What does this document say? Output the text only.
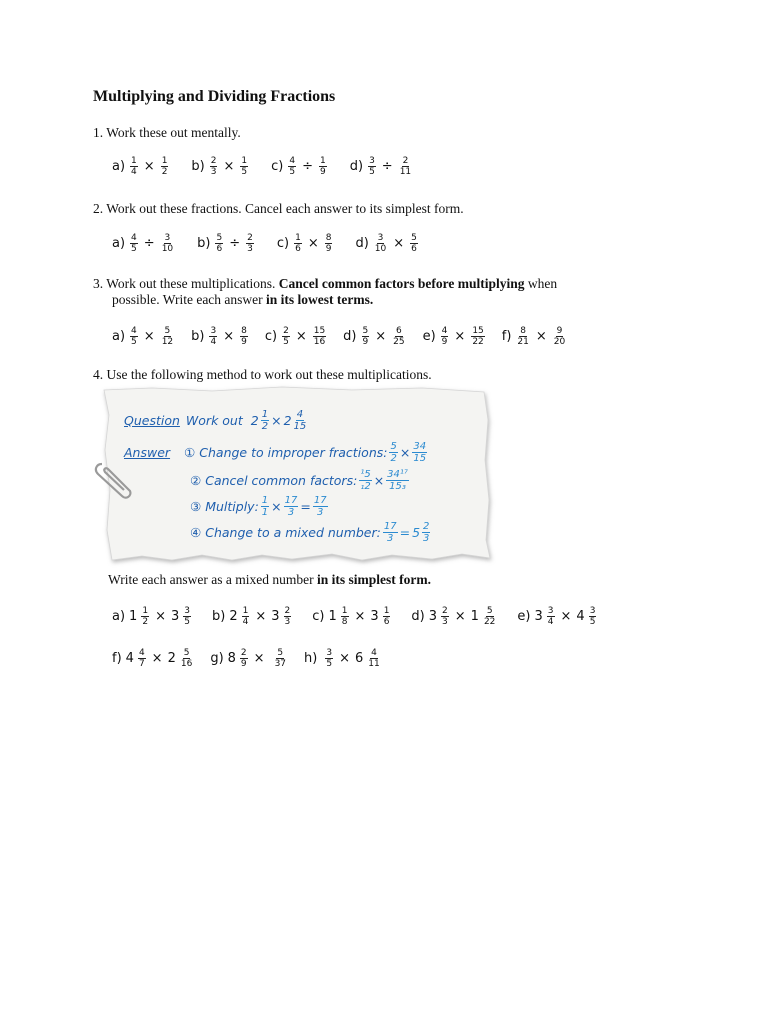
Multiplying and Dividing Fractions
1. Work these out mentally.
$a) \frac{1}{4} \times \frac{1}{2} b) \frac{2}{3} \times \frac{1}{5} c) \frac{4}{5} \div \frac{1}{9} d) \frac{3}{5} \div \frac{2}{11}$
2. Work out these fractions. Cancel each answer to its simplest form.
$a) \frac{4}{5} \div \frac{3}{10} b) \frac{5}{6} \div \frac{2}{3} c) \frac{1}{6} \times \frac{8}{9} d) \frac{3}{10} \times \frac{5}{6}$
3. Work out these multiplications. Cancel common factors before multiplying when
possible. Write each answer in its lowest terms.
$a) \frac{4}{5} \times \frac{5}{12} b) \frac{3}{4} \times \frac{8}{9} c) \frac{2}{5} \times \frac{15}{16} d) \frac{5}{9} \times \frac{6}{25} e) \frac{4}{9} \times \frac{15}{22} f) \frac{8}{21} \times \frac{9}{20}$
4. Use the following method to work out these multiplications.
Question Work out $2 \frac{1}{2} \times 2$ 4
15
Answer ① Change to improper fractions: $\frac{5}{2} \times \frac{34}{15}$
② Cancel common factors: $\frac{\text{¹5}}{\text{₁2}} \times \frac{\text{34¹⁷}}{\text{15₃}}$
③ Multiply: $\frac{1}{1} \times \frac{17}{3} = \frac{17}{3}$
④ Change to a mixed number: $\frac{17}{3} = 5$ 2
3
Write each answer as a mixed number in its simplest form.
a) $1 \frac{1}{2} \times 3 \frac{3}{5} b$) $2 \frac{1}{4} \times 3 \frac{2}{3} c$) $1 \frac{1}{8} \times 3 \frac{1}{6} d$) $3 \frac{2}{3} \times 1 \frac{5}{22} e$) $3 \frac{3}{4} \times 4 \frac{3}{5}$
f) $4 \frac{4}{7} \times 2 \frac{5}{16} g$) $8 \frac{2}{9} \times \frac{5}{37} h) \frac{3}{5} \times 6 \frac{4}{11}$
